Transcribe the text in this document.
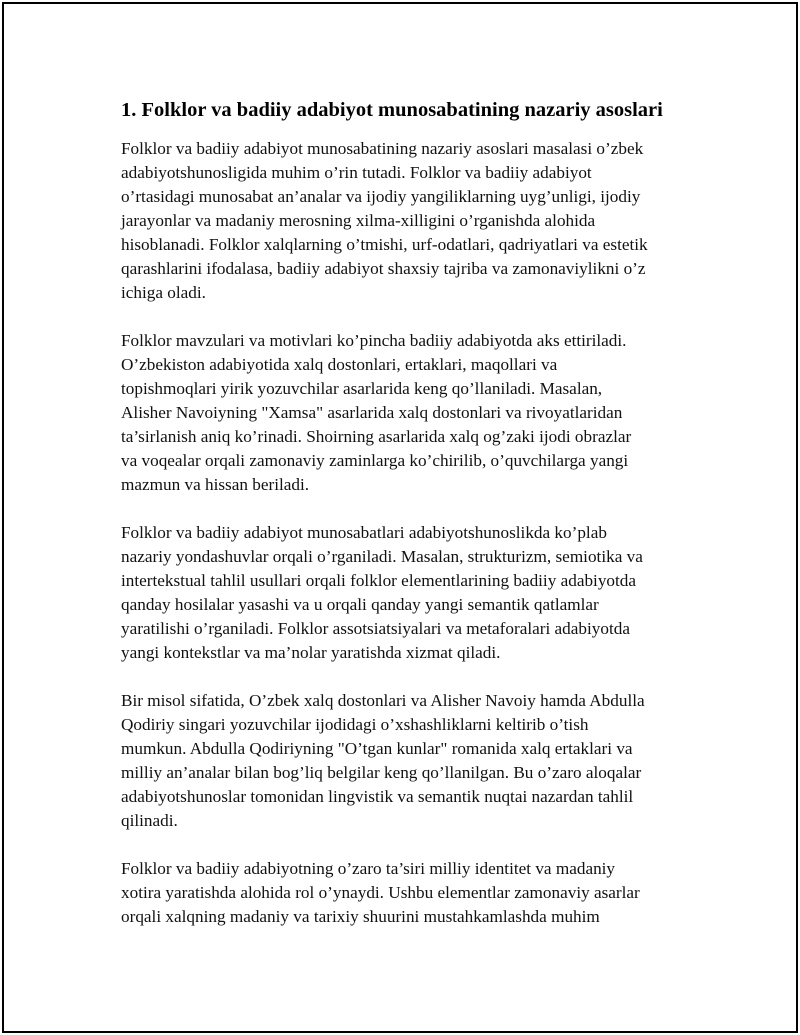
1. Folklor va badiiy adabiyot munosabatining nazariy asoslari

Folklor va badiiy adabiyot munosabatining nazariy asoslari masalasi o’zbek
adabiyotshunosligida muhim o’rin tutadi. Folklor va badiiy adabiyot
o’rtasidagi munosabat an’analar va ijodiy yangiliklarning uyg’unligi, ijodiy
jarayonlar va madaniy merosning xilma-xilligini o’rganishda alohida
hisoblanadi. Folklor xalqlarning o’tmishi, urf-odatlari, qadriyatlari va estetik
qarashlarini ifodalasa, badiiy adabiyot shaxsiy tajriba va zamonaviylikni o’z
ichiga oladi.

Folklor mavzulari va motivlari ko’pincha badiiy adabiyotda aks ettiriladi.
O’zbekiston adabiyotida xalq dostonlari, ertaklari, maqollari va
topishmoqlari yirik yozuvchilar asarlarida keng qo’llaniladi. Masalan,
Alisher Navoiyning "Xamsa" asarlarida xalq dostonlari va rivoyatlaridan
ta’sirlanish aniq ko’rinadi. Shoirning asarlarida xalq og’zaki ijodi obrazlar
va voqealar orqali zamonaviy zaminlarga ko’chirilib, o’quvchilarga yangi
mazmun va hissan beriladi.

Folklor va badiiy adabiyot munosabatlari adabiyotshunoslikda ko’plab
nazariy yondashuvlar orqali o’rganiladi. Masalan, strukturizm, semiotika va
intertekstual tahlil usullari orqali folklor elementlarining badiiy adabiyotda
qanday hosilalar yasashi va u orqali qanday yangi semantik qatlamlar
yaratilishi o’rganiladi. Folklor assotsiatsiyalari va metaforalari adabiyotda
yangi kontekstlar va ma’nolar yaratishda xizmat qiladi.

Bir misol sifatida, O’zbek xalq dostonlari va Alisher Navoiy hamda Abdulla
Qodiriy singari yozuvchilar ijodidagi o’xshashliklarni keltirib o’tish
mumkun. Abdulla Qodiriyning "O’tgan kunlar" romanida xalq ertaklari va
milliy an’analar bilan bog’liq belgilar keng qo’llanilgan. Bu o’zaro aloqalar
adabiyotshunoslar tomonidan lingvistik va semantik nuqtai nazardan tahlil
qilinadi.

Folklor va badiiy adabiyotning o’zaro ta’siri milliy identitet va madaniy
xotira yaratishda alohida rol o’ynaydi. Ushbu elementlar zamonaviy asarlar
orqali xalqning madaniy va tarixiy shuurini mustahkamlashda muhim
